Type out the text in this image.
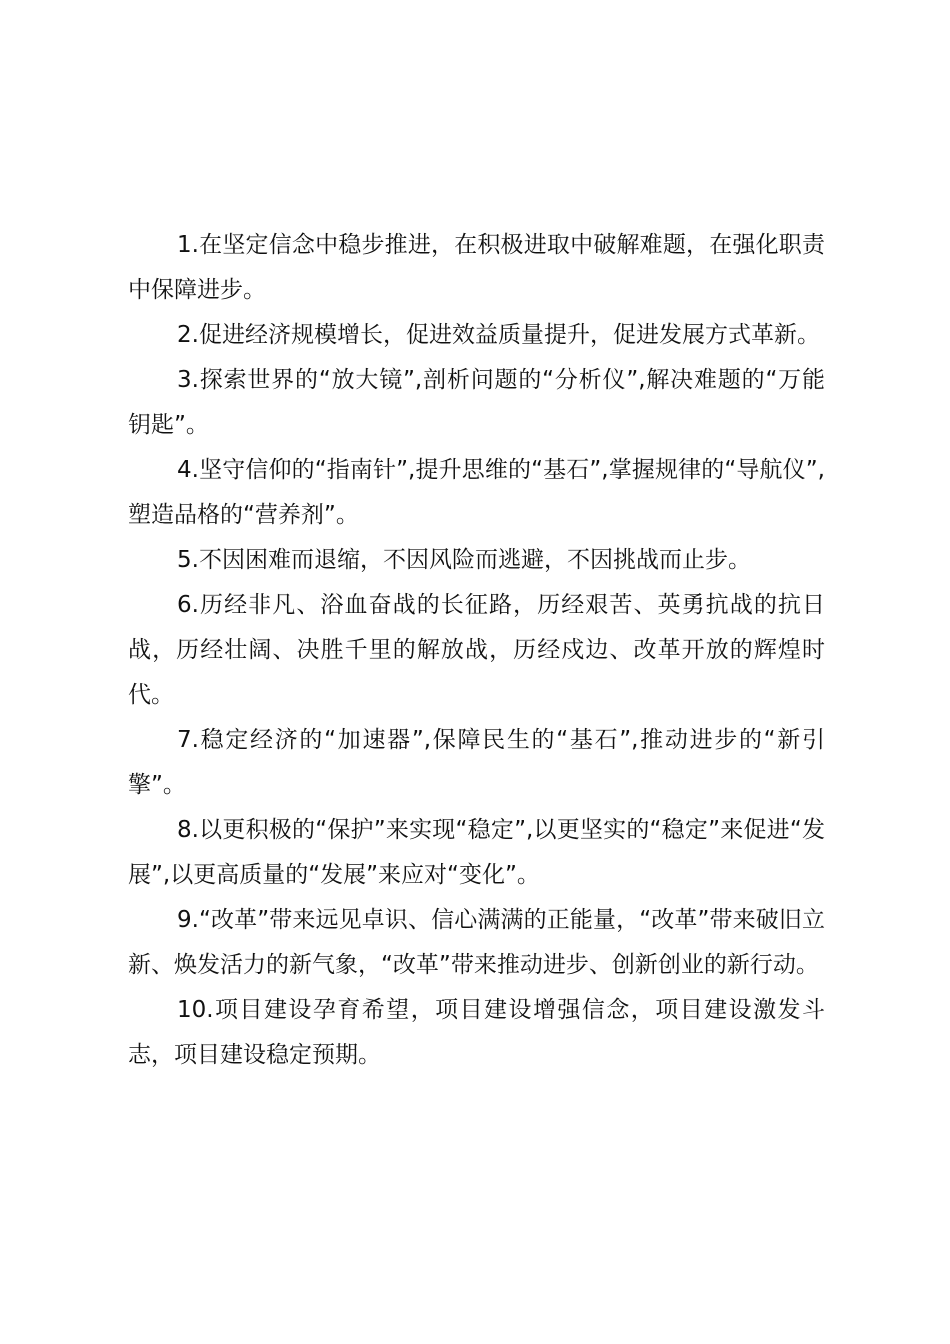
1.在坚定信念中稳步推进，在积极进取中破解难题，在强化职责中保障进步。

2.促进经济规模增长，促进效益质量提升，促进发展方式革新。

3.探索世界的“放大镜”,剖析问题的“分析仪”,解决难题的“万能钥匙”。

4.坚守信仰的“指南针”,提升思维的“基石”,掌握规律的“导航仪”,塑造品格的“营养剂”。

5.不因困难而退缩，不因风险而逃避，不因挑战而止步。

6.历经非凡、浴血奋战的长征路，历经艰苦、英勇抗战的抗日战，历经壮阔、决胜千里的解放战，历经戍边、改革开放的辉煌时代。

7.稳定经济的“加速器”,保障民生的“基石”,推动进步的“新引擎”。

8.以更积极的“保护”来实现“稳定”,以更坚实的“稳定”来促进“发展”,以更高质量的“发展”来应对“变化”。

9.“改革”带来远见卓识、信心满满的正能量，“改革”带来破旧立新、焕发活力的新气象，“改革”带来推动进步、创新创业的新行动。

10.项目建设孕育希望，项目建设增强信念，项目建设激发斗志，项目建设稳定预期。
